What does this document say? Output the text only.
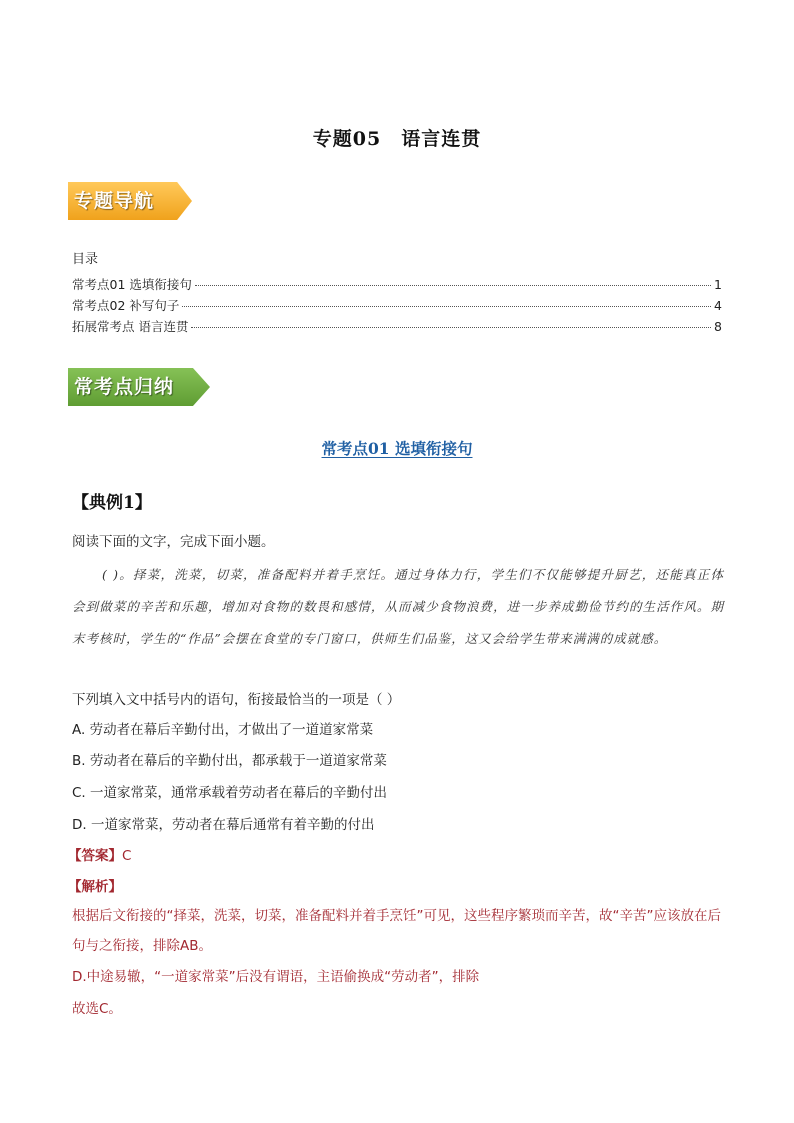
专题05 语言连贯
专题导航
目录
常考点01 选填衔接句	1
常考点02 补写句子	4
拓展常考点 语言连贯	8
常考点归纳
常考点01 选填衔接句
【典例1】

阅读下面的文字，完成下面小题。

( )。择菜，洗菜，切菜，准备配料并着手烹饪。通过身体力行，学生们不仅能够提升厨艺，还能真正体会到做菜的辛苦和乐趣，增加对食物的数畏和感情，从而减少食物浪费，进一步养成勤俭节约的生活作风。期末考核时，学生的“作品”会摆在食堂的专门窗口，供师生们品鉴，这又会给学生带来满满的成就感。

下列填入文中括号内的语句，衔接最恰当的一项是（ ）

A. 劳动者在幕后辛勤付出，才做出了一道道家常菜
B. 劳动者在幕后的辛勤付出，都承载于一道道家常菜
C. 一道家常菜，通常承载着劳动者在幕后的辛勤付出
D. 一道家常菜，劳动者在幕后通常有着辛勤的付出
【答案】C
【解析】

根据后文衔接的“择菜，洗菜，切菜，准备配料并着手烹饪”可见，这些程序繁琐而辛苦，故“辛苦”应该放在后句与之衔接，排除AB。

D.中途易辙，“一道家常菜”后没有谓语，主语偷换成“劳动者”，排除

故选C。
